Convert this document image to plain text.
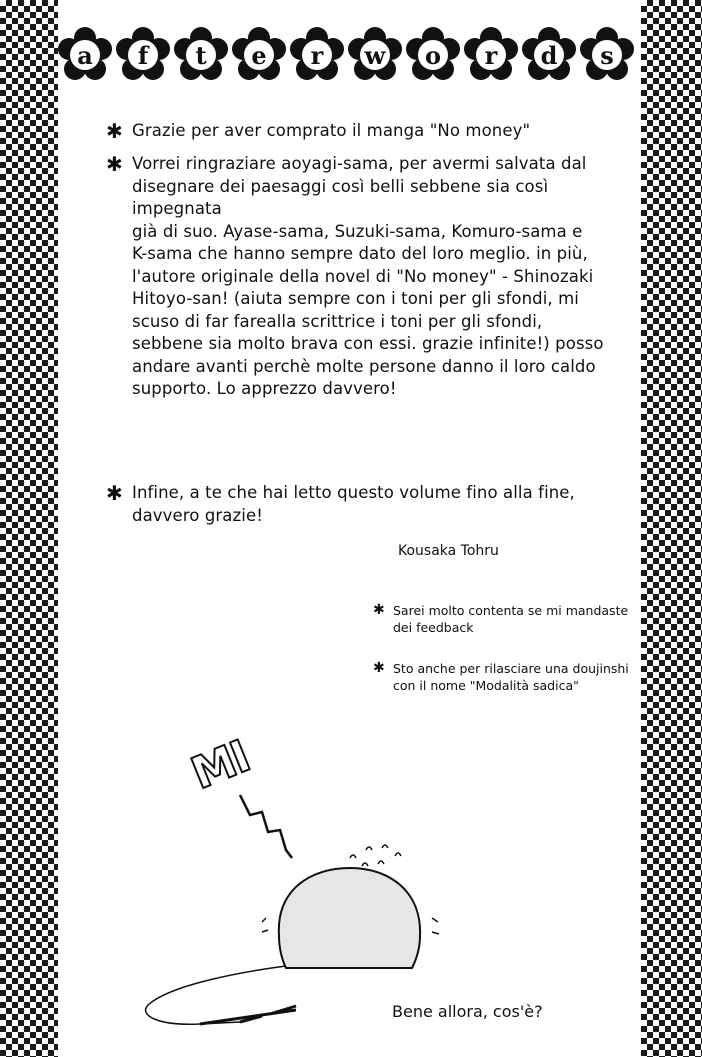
a	f	t	e	r	w	o	r	d	s
✱ Grazie per aver comprato il manga "No money"
✱ Vorrei ringraziare aoyagi-sama, per avermi salvata dal
disegnare dei paesaggi così belli sebbene sia così impegnata
già di suo. Ayase-sama, Suzuki-sama, Komuro-sama e
K-sama che hanno sempre dato del loro meglio. in più,
l'autore originale della novel di "No money" - Shinozaki
Hitoyo-san! (aiuta sempre con i toni per gli sfondi, mi
scuso di far farealla scrittrice i toni per gli sfondi,
sebbene sia molto brava con essi. grazie infinite!) posso
andare avanti perchè molte persone danno il loro caldo
supporto. Lo apprezzo davvero!
✱ Infine, a te che hai letto questo volume fino alla fine,
davvero grazie!
Kousaka Tohru
✱ Sarei molto contenta se mi mandaste
dei feedback
✱ Sto anche per rilasciare una doujinshi
con il nome "Modalità sadica"
MI
Bene allora, cos'è?
